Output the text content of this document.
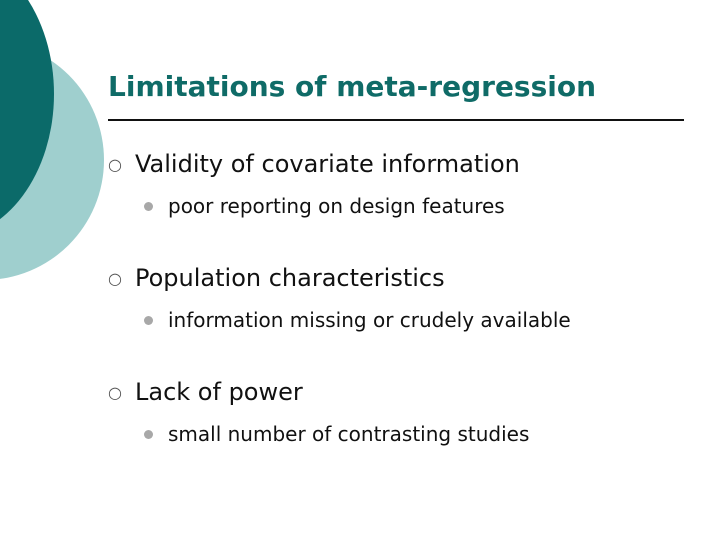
Limitations of meta-regression
○ Validity of covariate information
poor reporting on design features
○ Population characteristics
information missing or crudely available
○ Lack of power
small number of contrasting studies
